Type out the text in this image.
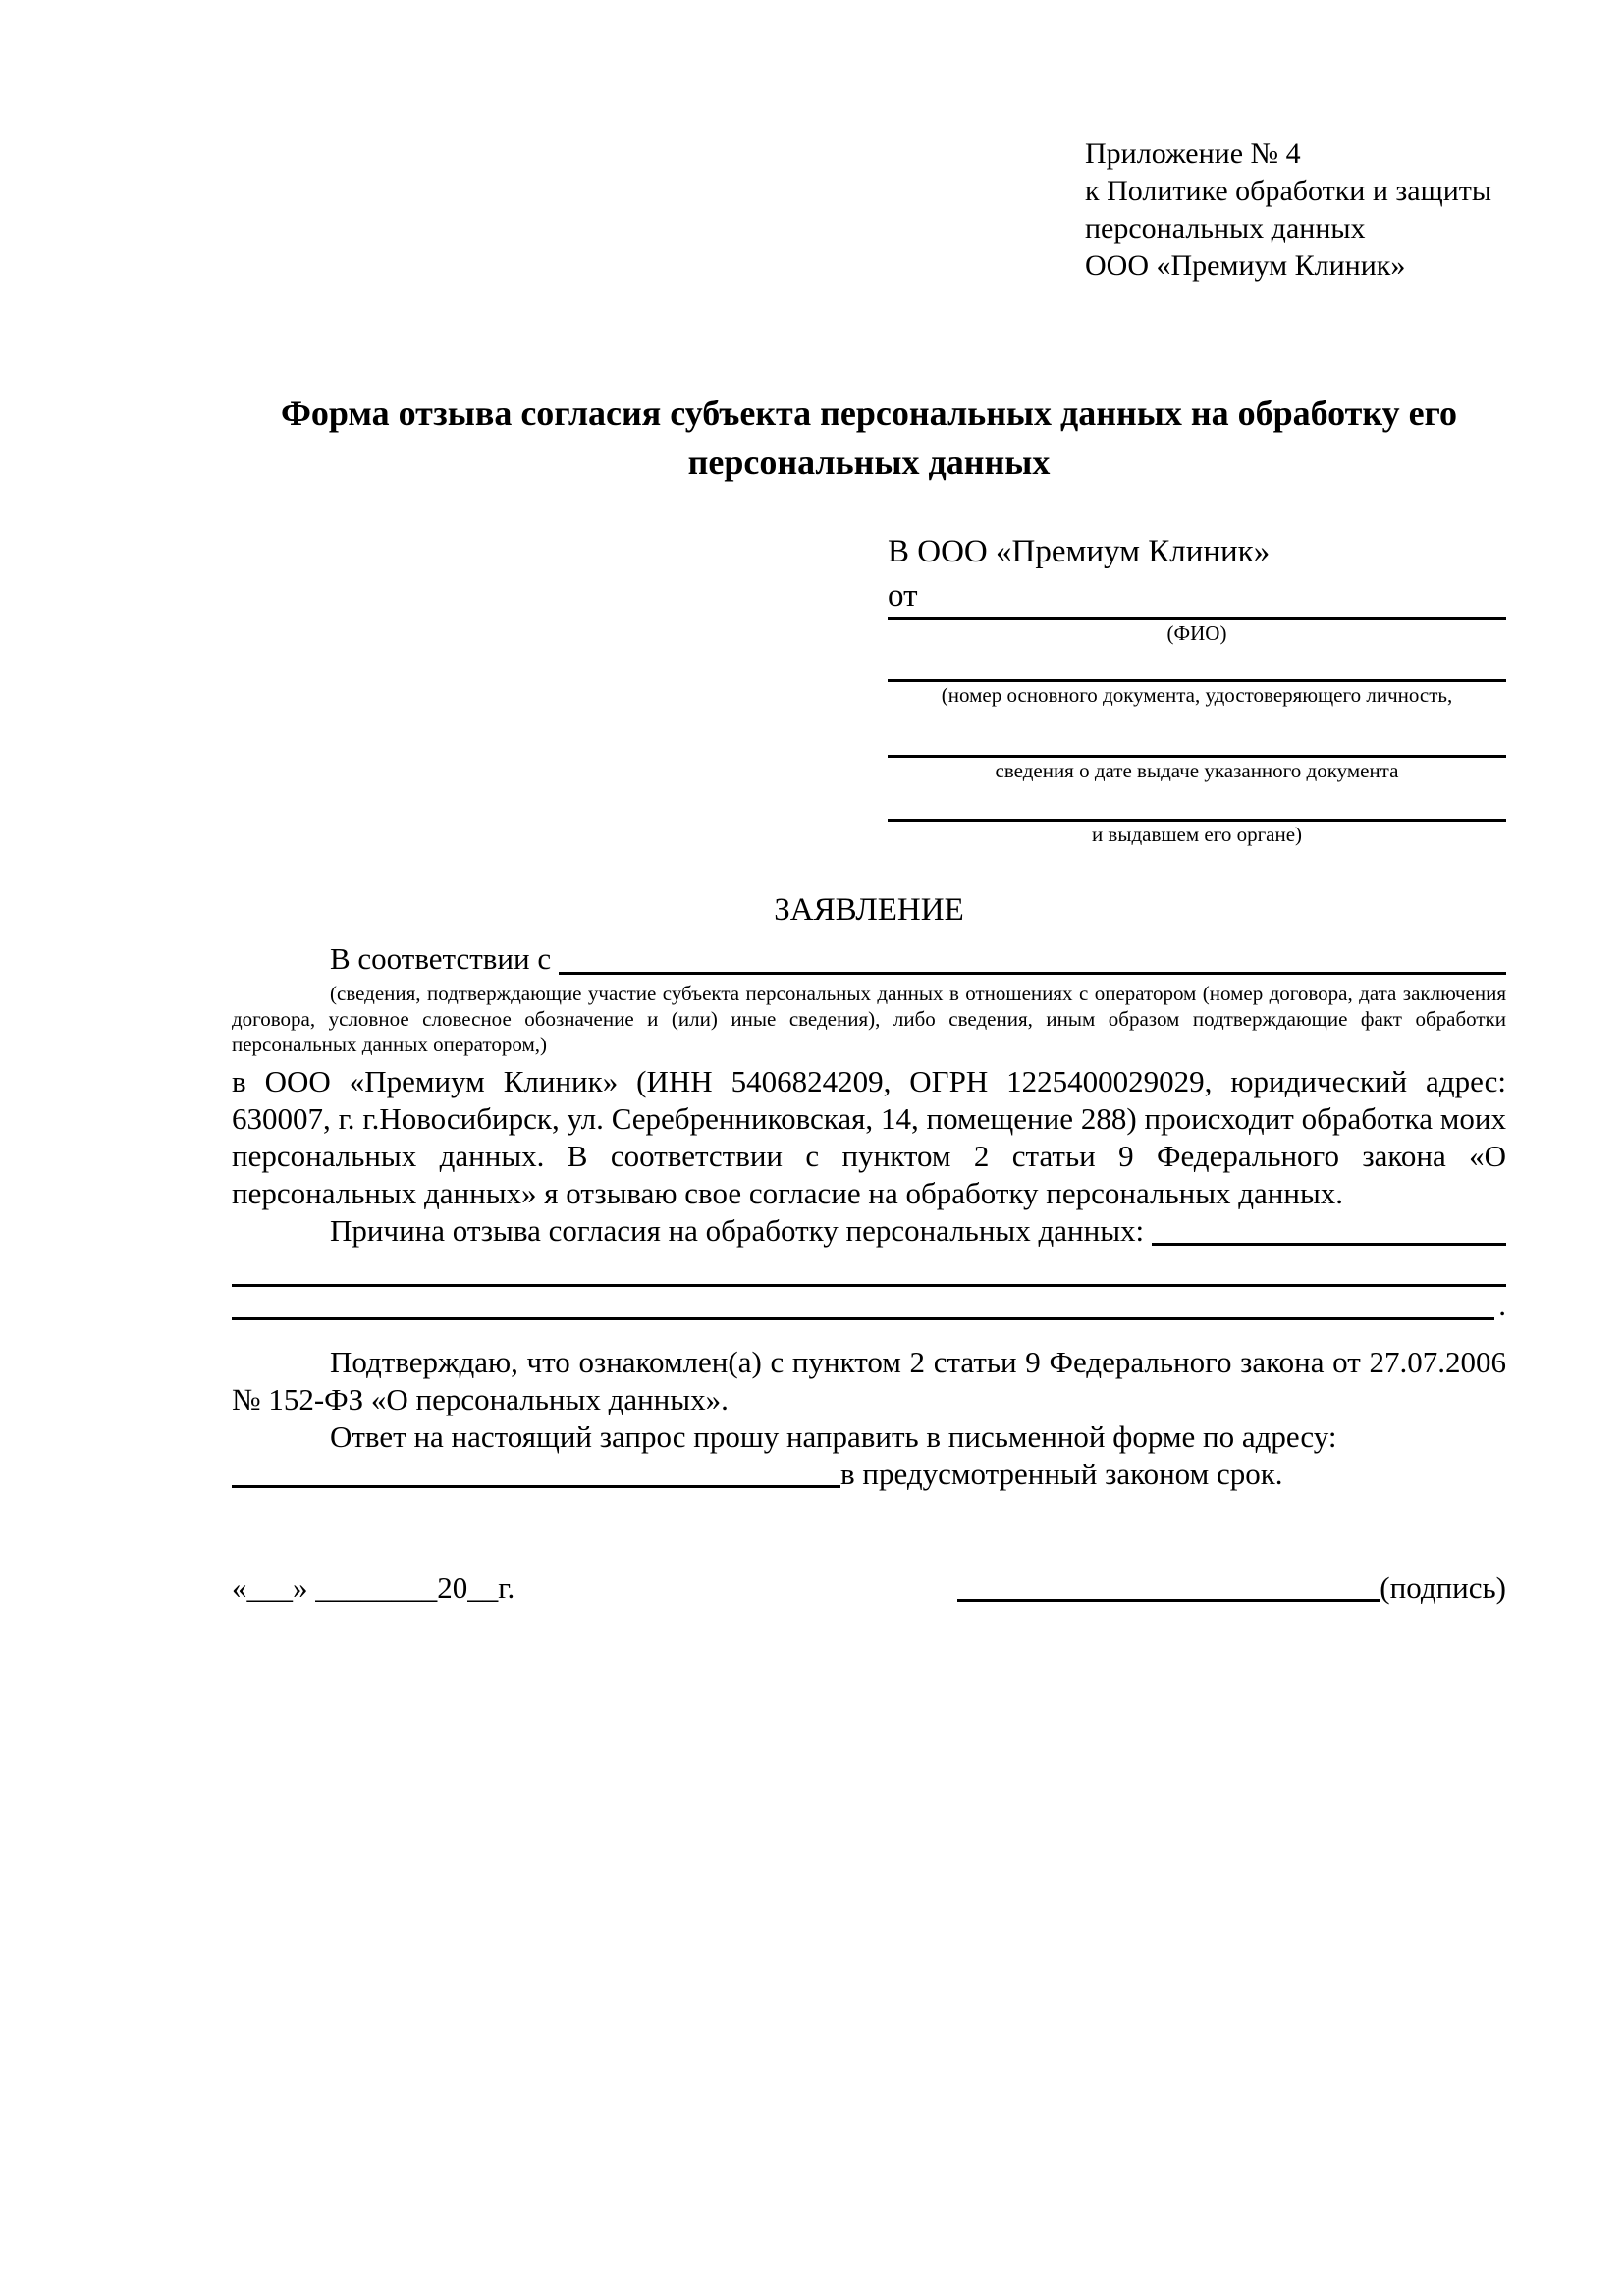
Приложение № 4
к Политике обработки и защиты
персональных данных
ООО «Премиум Клиник»
Форма отзыва согласия субъекта персональных данных на обработку его персональных данных
В ООО «Премиум Клиник»
от
(ФИО)
(номер основного документа, удостоверяющего личность,
сведения о дате выдаче указанного документа
и выдавшем его органе)
ЗАЯВЛЕНИЕ
В соответствии с

(сведения, подтверждающие участие субъекта персональных данных в отношениях с оператором (номер договора, дата заключения договора, условное словесное обозначение и (или) иные сведения), либо сведения, иным образом подтверждающие факт обработки персональных данных оператором,)

в ООО «Премиум Клиник» (ИНН 5406824209, ОГРН 1225400029029, юридический адрес: 630007, г. г.Новосибирск, ул. Серебренниковская, 14, помещение 288) происходит обработка моих персональных данных. В соответствии с пунктом 2 статьи 9 Федерального закона «О персональных данных» я отзываю свое согласие на обработку персональных данных.

Причина отзыва согласия на обработку персональных данных:
.

Подтверждаю, что ознакомлен(а) с пунктом 2 статьи 9 Федерального закона от 27.07.2006 № 152-ФЗ «О персональных данных».

Ответ на настоящий запрос прошу направить в письменной форме по адресу:

в предусмотренный законом срок.
«___» ________20__г.	(подпись)
